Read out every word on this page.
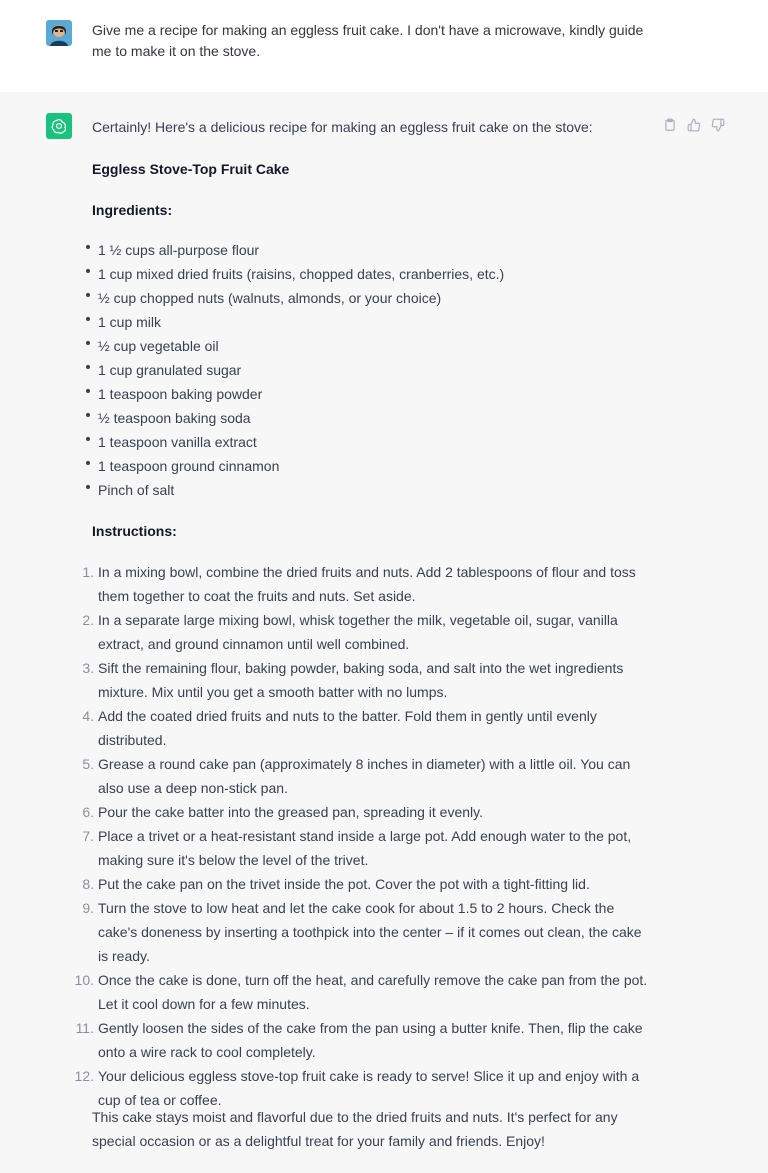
Give me a recipe for making an eggless fruit cake. I don't have a microwave, kindly guide me to make it on the stove.

Certainly! Here's a delicious recipe for making an eggless fruit cake on the stove:

Eggless Stove-Top Fruit Cake

Ingredients:

1 ½ cups all-purpose flour
1 cup mixed dried fruits (raisins, chopped dates, cranberries, etc.)
½ cup chopped nuts (walnuts, almonds, or your choice)
1 cup milk
½ cup vegetable oil
1 cup granulated sugar
1 teaspoon baking powder
½ teaspoon baking soda
1 teaspoon vanilla extract
1 teaspoon ground cinnamon
Pinch of salt

Instructions:

1. In a mixing bowl, combine the dried fruits and nuts. Add 2 tablespoons of flour and toss them together to coat the fruits and nuts. Set aside.
2. In a separate large mixing bowl, whisk together the milk, vegetable oil, sugar, vanilla extract, and ground cinnamon until well combined.
3. Sift the remaining flour, baking powder, baking soda, and salt into the wet ingredients mixture. Mix until you get a smooth batter with no lumps.
4. Add the coated dried fruits and nuts to the batter. Fold them in gently until evenly distributed.
5. Grease a round cake pan (approximately 8 inches in diameter) with a little oil. You can also use a deep non-stick pan.
6. Pour the cake batter into the greased pan, spreading it evenly.
7. Place a trivet or a heat-resistant stand inside a large pot. Add enough water to the pot, making sure it's below the level of the trivet.
8. Put the cake pan on the trivet inside the pot. Cover the pot with a tight-fitting lid.
9. Turn the stove to low heat and let the cake cook for about 1.5 to 2 hours. Check the cake's doneness by inserting a toothpick into the center – if it comes out clean, the cake is ready.
10. Once the cake is done, turn off the heat, and carefully remove the cake pan from the pot. Let it cool down for a few minutes.
11. Gently loosen the sides of the cake from the pan using a butter knife. Then, flip the cake onto a wire rack to cool completely.
12. Your delicious eggless stove-top fruit cake is ready to serve! Slice it up and enjoy with a cup of tea or coffee.

This cake stays moist and flavorful due to the dried fruits and nuts. It's perfect for any special occasion or as a delightful treat for your family and friends. Enjoy!
